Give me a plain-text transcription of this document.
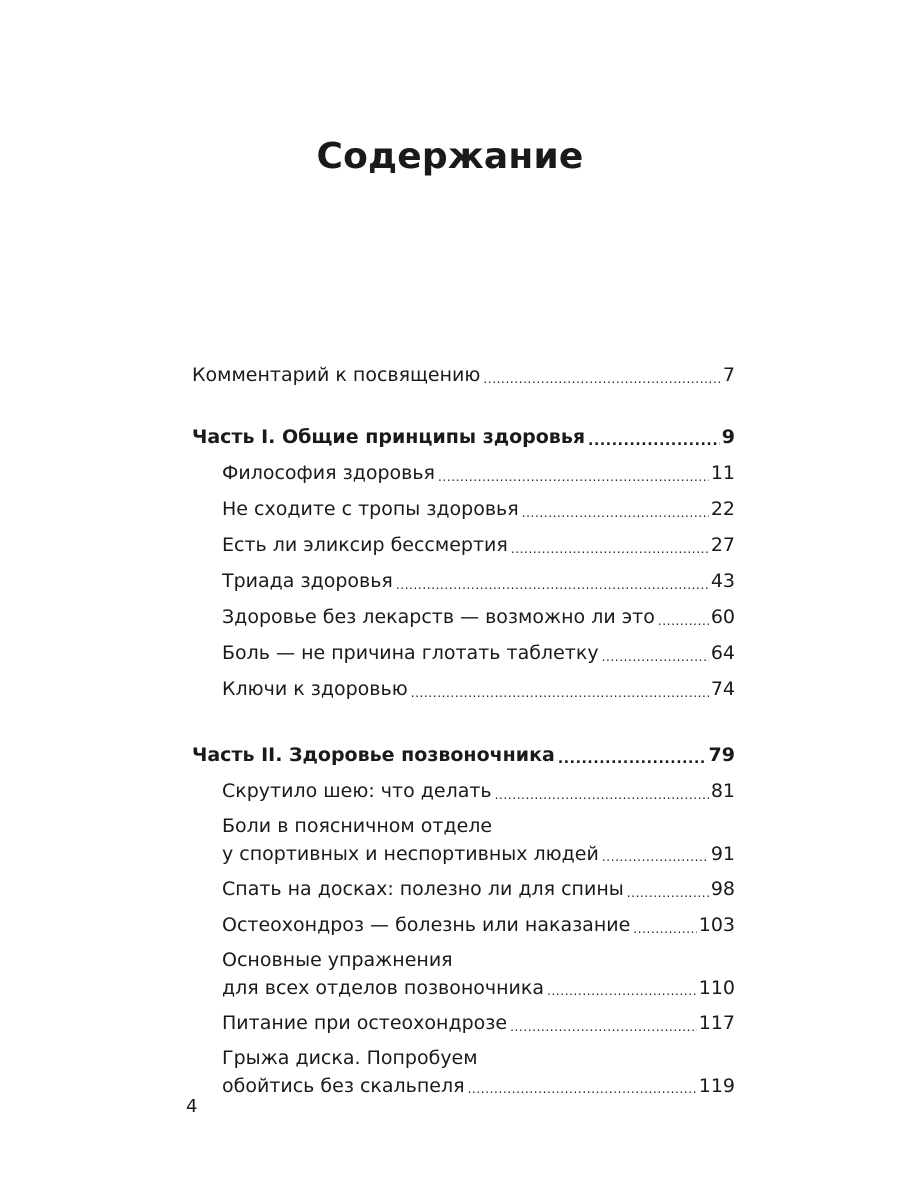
Содержание
Комментарий к посвящению .....	7
Часть I. Общие принципы здоровья .....	9
Философия здоровья .....	11
Не сходите с тропы здоровья .....	22
Есть ли эликсир бессмертия .....	27
Триада здоровья .....	43
Здоровье без лекарств — возможно ли это .....	60
Боль — не причина глотать таблетку .....	64
Ключи к здоровью .....	74
Часть II. Здоровье позвоночника .....	79
Скрутило шею: что делать .....	81
Боли в поясничном отделе
у спортивных и неспортивных людей .....	91
Спать на досках: полезно ли для спины .....	98
Остеохондроз — болезнь или наказание .....	103
Основные упражнения
для всех отделов позвоночника .....	110
Питание при остеохондрозе .....	117
Грыжа диска. Попробуем
обойтись без скальпеля .....	119
4
